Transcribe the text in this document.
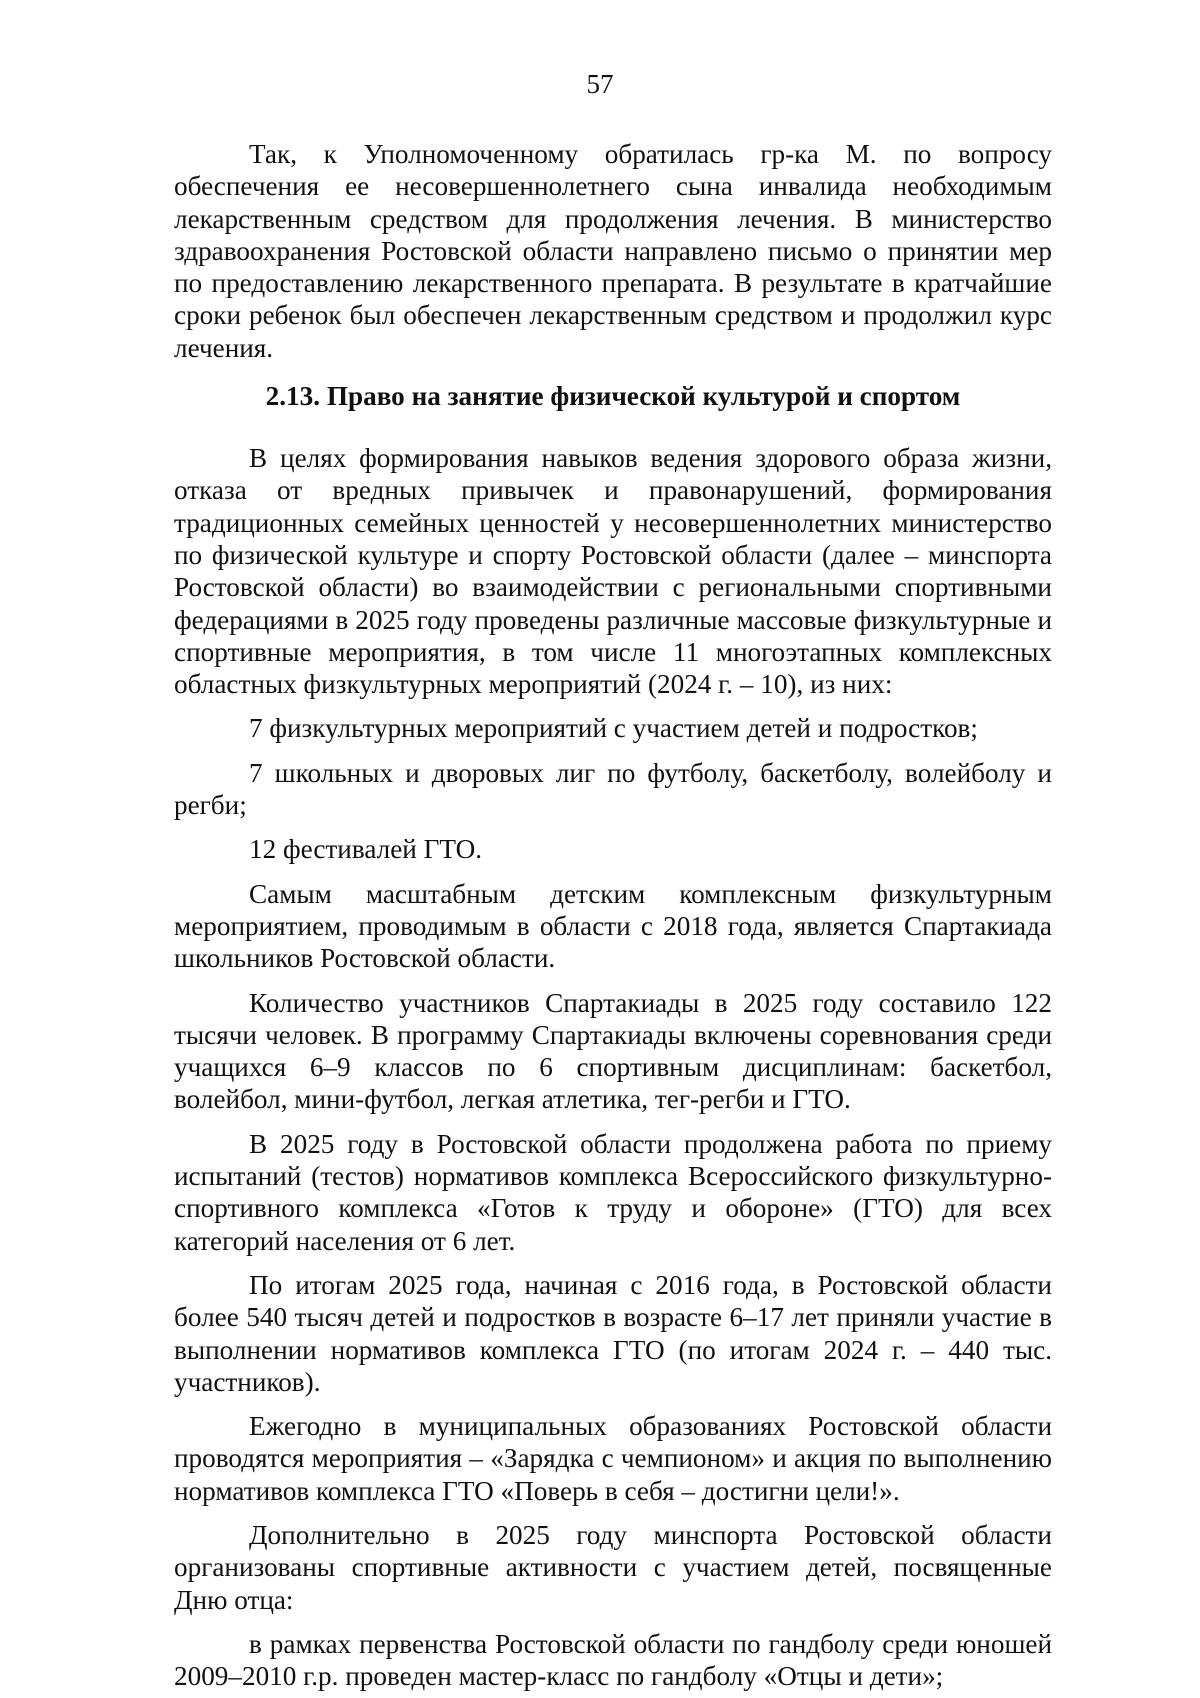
57

Так, к Уполномоченному обратилась гр-ка М. по вопросу обеспечения ее несовершеннолетнего сына инвалида необходимым лекарственным средством для продолжения лечения. В министерство здравоохранения Ростовской области направлено письмо о принятии мер по предоставлению лекарственного препарата. В результате в кратчайшие сроки ребенок был обеспечен лекарственным средством и продолжил курс лечения.

2.13. Право на занятие физической культурой и спортом

В целях формирования навыков ведения здорового образа жизни, отказа от вредных привычек и правонарушений, формирования традиционных семейных ценностей у несовершеннолетних министерство по физической культуре и спорту Ростовской области (далее – минспорта Ростовской области) во взаимодействии с региональными спортивными федерациями в 2025 году проведены различные массовые физкультурные и спортивные мероприятия, в том числе 11 многоэтапных комплексных областных физкультурных мероприятий (2024 г. – 10), из них:

7 физкультурных мероприятий с участием детей и подростков;

7 школьных и дворовых лиг по футболу, баскетболу, волейболу и регби;

12 фестивалей ГТО.

Самым масштабным детским комплексным физкультурным мероприятием, проводимым в области с 2018 года, является Спартакиада школьников Ростовской области.

Количество участников Спартакиады в 2025 году составило 122 тысячи человек. В программу Спартакиады включены соревнования среди учащихся 6–9 классов по 6 спортивным дисциплинам: баскетбол, волейбол, мини-футбол, легкая атлетика, тег-регби и ГТО.

В 2025 году в Ростовской области продолжена работа по приему испытаний (тестов) нормативов комплекса Всероссийского физкультурно-спортивного комплекса «Готов к труду и обороне» (ГТО) для всех категорий населения от 6 лет.

По итогам 2025 года, начиная с 2016 года, в Ростовской области более 540 тысяч детей и подростков в возрасте 6–17 лет приняли участие в выполнении нормативов комплекса ГТО (по итогам 2024 г. – 440 тыс. участников).

Ежегодно в муниципальных образованиях Ростовской области проводятся мероприятия – «Зарядка с чемпионом» и акция по выполнению нормативов комплекса ГТО «Поверь в себя – достигни цели!».

Дополнительно в 2025 году минспорта Ростовской области организованы спортивные активности с участием детей, посвященные Дню отца:

в рамках первенства Ростовской области по гандболу среди юношей 2009–2010 г.р. проведен мастер-класс по гандболу «Отцы и дети»;
